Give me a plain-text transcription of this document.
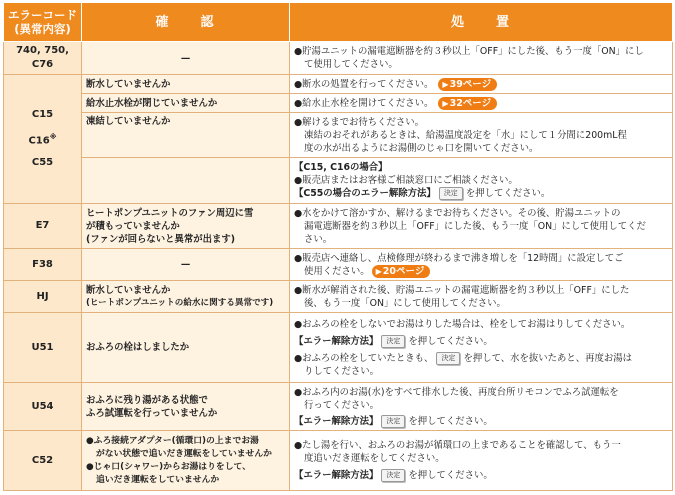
エラーコード
(異常内容)	確　　認	処　　置

740, 750,
C76	—	●貯湯ユニットの漏電遮断器を約３秒以上「OFF」にした後、もう一度「ON」にし
て使用してください。

C15
C16※
C55	断水していませんか	●断水の処置を行ってください。 ▶39ページ
	給水止水栓が閉じていませんか	●給水止水栓を開けてください。 ▶32ページ
	凍結していませんか	●解けるまでお待ちください。
凍結のおそれがあるときは、給湯温度設定を「水」にして１分間に200mL程
度の水が出るようにお湯側のじゃ口を開いてください。

		【C15, C16の場合】
●販売店またはお客様ご相談窓口にご相談ください。
【C55の場合のエラー解除方法】 決定 を押してください。

E7	ヒートポンプユニットのファン周辺に雪
が積もっていませんか
(ファンが回らないと異常が出ます)	●水をかけて溶かすか、解けるまでお待ちください。その後、貯湯ユニットの
漏電遮断器を約３秒以上「OFF」にした後、もう一度「ON」にして使用してくだ
さい。

F38	—	●販売店へ連絡し、点検修理が終わるまで沸き増しを「12時間」に設定してご
使用ください。 ▶20ページ

HJ	断水していませんか
(ヒートポンプユニットの給水に関する異常です)	●断水が解消された後、貯湯ユニットの漏電遮断器を約３秒以上「OFF」にした
後、もう一度「ON」にして使用してください。

U51	おふろの栓はしましたか	●おふろの栓をしないでお湯はりした場合は、栓をしてお湯はりしてください。
【エラー解除方法】 決定 を押してください。
●おふろの栓をしていたときも、 決定 を押して、水を抜いたあと、再度お湯は
りしてください。

U54	おふろに残り湯がある状態で
ふろ試運転を行っていませんか	●おふろ内のお湯(水)をすべて排水した後、再度台所リモコンでふろ試運転を
行ってください。
【エラー解除方法】 決定 を押してください。

C52	●ふろ接続アダプター(循環口)の上までお湯
がない状態で追いだき運転をしていませんか
●じゃ口(シャワー)からお湯はりをして、
追いだき運転をしていませんか	●たし湯を行い、おふろのお湯が循環口の上まであることを確認して、もう一
度追いだき運転をしてください。
【エラー解除方法】 決定 を押してください。
